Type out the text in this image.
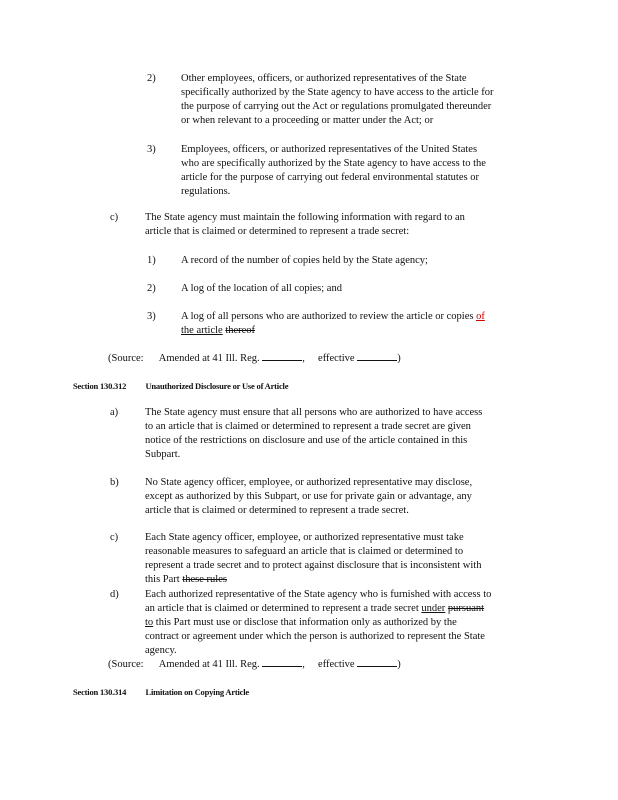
2) Other employees, officers, or authorized representatives of the State
specifically authorized by the State agency to have access to the article for
the purpose of carrying out the Act or regulations promulgated thereunder
or when relevant to a proceeding or matter under the Act; or
3) Employees, officers, or authorized representatives of the United States
who are specifically authorized by the State agency to have access to the
article for the purpose of carrying out federal environmental statutes or
regulations.
c)	The State agency must maintain the following information with regard to an
article that is claimed or determined to represent a trade secret:
1) A record of the number of copies held by the State agency;
2) A log of the location of all copies; and
3) A log of all persons who are authorized to review the article or copies of
the article thereof
(Source: Amended at 41 Ill. Reg.	,     effective	)
Section 130.312 Unauthorized Disclosure or Use of Article
a)	The State agency must ensure that all persons who are authorized to have access
to an article that is claimed or determined to represent a trade secret are given
notice of the restrictions on disclosure and use of the article contained in this
Subpart.
b)	No State agency officer, employee, or authorized representative may disclose,
except as authorized by this Subpart, or use for private gain or advantage, any
article that is claimed or determined to represent a trade secret.
c)	Each State agency officer, employee, or authorized representative must take
reasonable measures to safeguard an article that is claimed or determined to
represent a trade secret and to protect against disclosure that is inconsistent with
this Part these rules
d)	Each authorized representative of the State agency who is furnished with access to
an article that is claimed or determined to represent a trade secret under pursuant
to this Part must use or disclose that information only as authorized by the
contract or agreement under which the person is authorized to represent the State
agency.
(Source: Amended at 41 Ill. Reg.	,     effective	)
Section 130.314 Limitation on Copying Article
